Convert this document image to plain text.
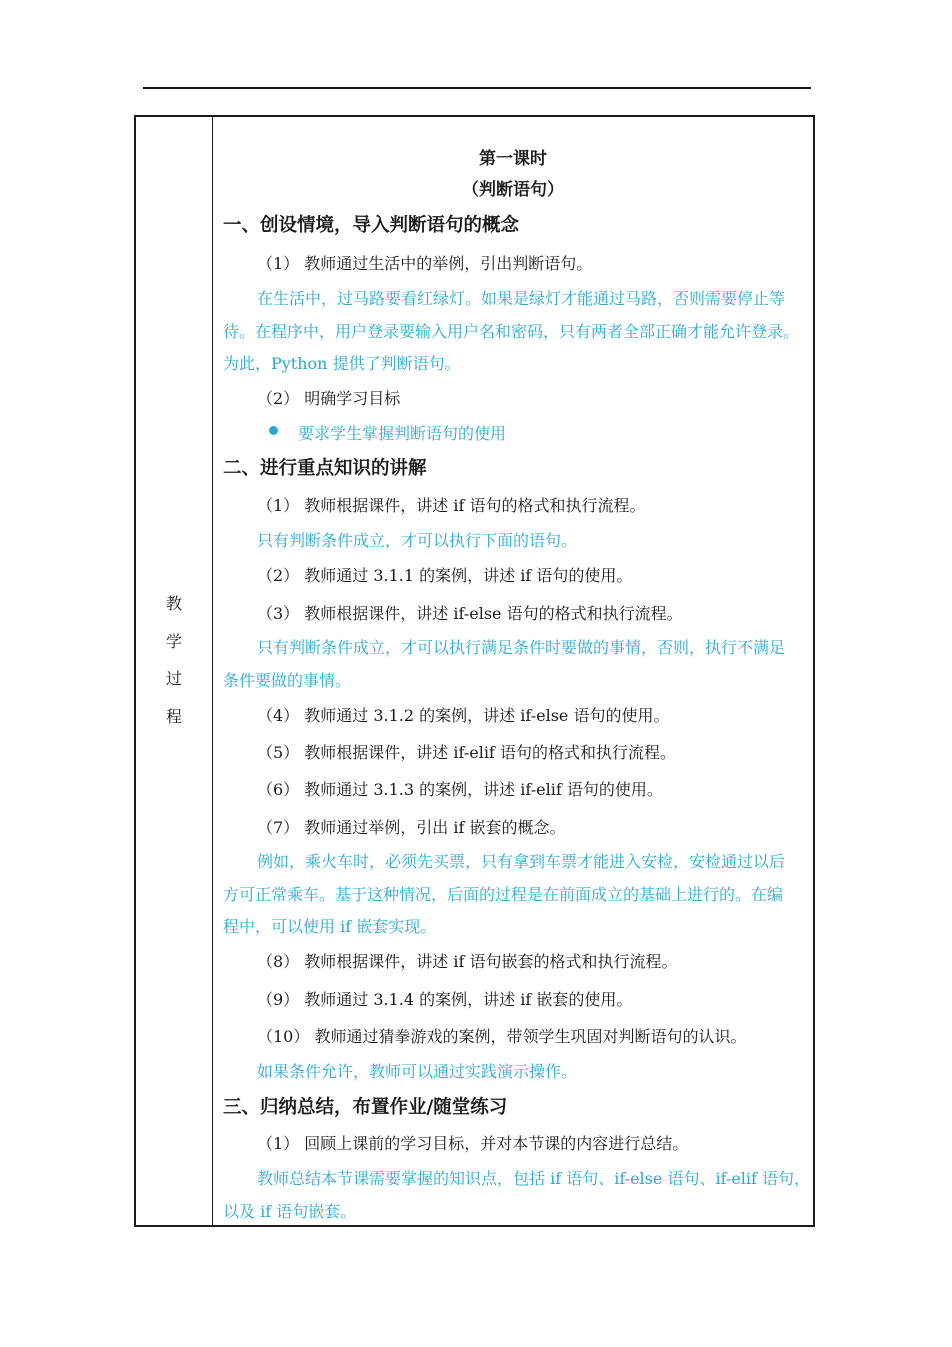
教
学
过
程
第一课时
（判断语句）
一、创设情境，导入判断语句的概念
（1） 教师通过生活中的举例，引出判断语句。
在生活中，过马路要看红绿灯。如果是绿灯才能通过马路，否则需要停止等
待。在程序中，用户登录要输入用户名和密码，只有两者全部正确才能允许登录。
为此，Python 提供了判断语句。
（2） 明确学习目标
要求学生掌握判断语句的使用
二、进行重点知识的讲解
（1） 教师根据课件，讲述 if 语句的格式和执行流程。
只有判断条件成立，才可以执行下面的语句。
（2） 教师通过 3.1.1 的案例，讲述 if 语句的使用。
（3） 教师根据课件，讲述 if-else 语句的格式和执行流程。
只有判断条件成立，才可以执行满足条件时要做的事情，否则，执行不满足
条件要做的事情。
（4） 教师通过 3.1.2 的案例，讲述 if-else 语句的使用。
（5） 教师根据课件，讲述 if-elif 语句的格式和执行流程。
（6） 教师通过 3.1.3 的案例，讲述 if-elif 语句的使用。
（7） 教师通过举例，引出 if 嵌套的概念。
例如，乘火车时，必须先买票，只有拿到车票才能进入安检，安检通过以后
方可正常乘车。基于这种情况，后面的过程是在前面成立的基础上进行的。在编
程中，可以使用 if 嵌套实现。
（8） 教师根据课件，讲述 if 语句嵌套的格式和执行流程。
（9） 教师通过 3.1.4 的案例，讲述 if 嵌套的使用。
（10） 教师通过猜拳游戏的案例，带领学生巩固对判断语句的认识。
如果条件允许，教师可以通过实践演示操作。
三、归纳总结，布置作业/随堂练习
（1） 回顾上课前的学习目标，并对本节课的内容进行总结。
教师总结本节课需要掌握的知识点，包括 if 语句、if-else 语句、if-elif 语句，
以及 if 语句嵌套。
